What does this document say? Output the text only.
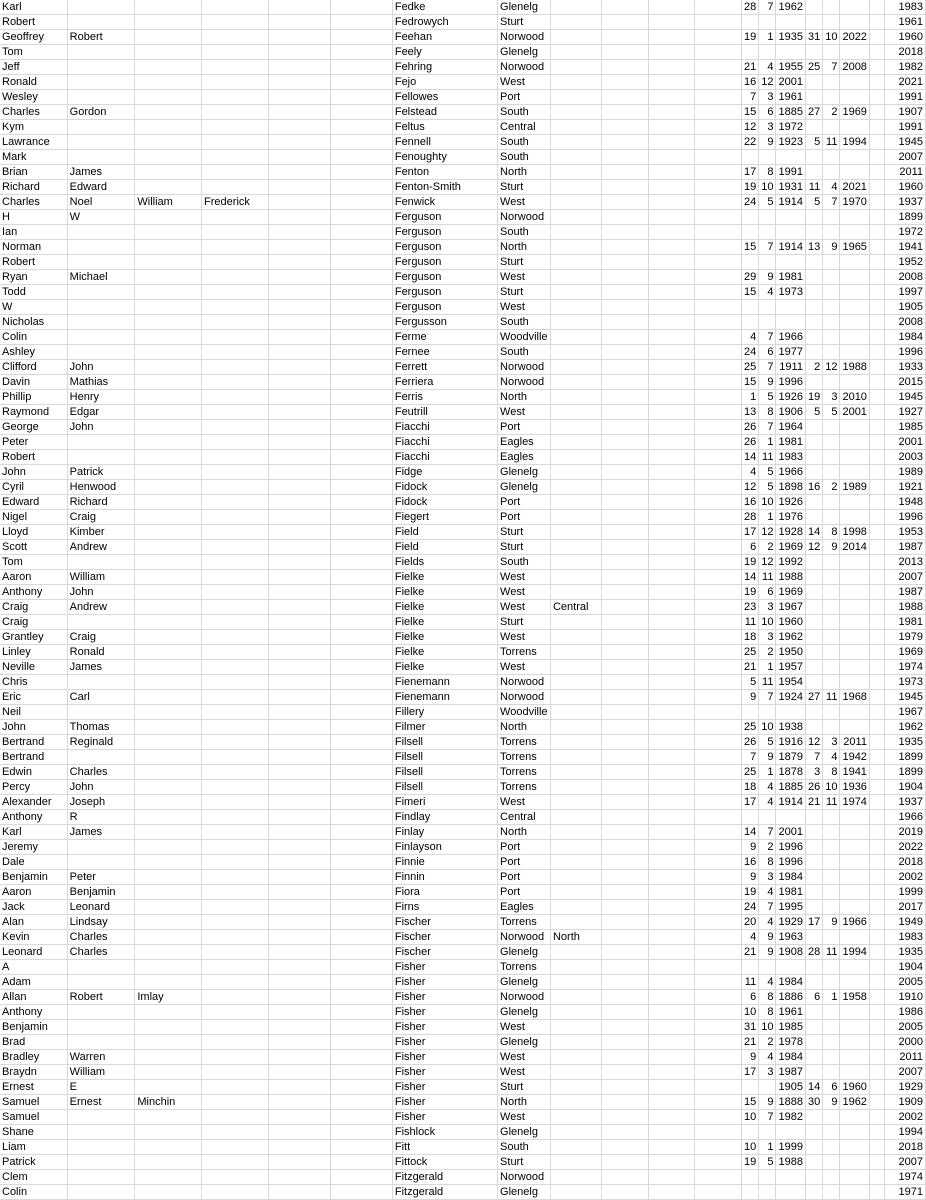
Karl						Fedke	Glenelg					28	7	1962					1983
Robert						Fedrowych	Sturt												1961
Geoffrey	Robert					Feehan	Norwood					19	1	1935	31	10	2022		1960
Tom						Feely	Glenelg												2018
Jeff						Fehring	Norwood					21	4	1955	25	7	2008		1982
Ronald						Fejo	West					16	12	2001					2021
Wesley						Fellowes	Port					7	3	1961					1991
Charles	Gordon					Felstead	South					15	6	1885	27	2	1969		1907
Kym						Feltus	Central					12	3	1972					1991
Lawrance						Fennell	South					22	9	1923	5	11	1994		1945
Mark						Fenoughty	South												2007
Brian	James					Fenton	North					17	8	1991					2011
Richard	Edward					Fenton-Smith	Sturt					19	10	1931	11	4	2021		1960
Charles	Noel	William	Frederick			Fenwick	West					24	5	1914	5	7	1970		1937
H	W					Ferguson	Norwood												1899
Ian						Ferguson	South												1972
Norman						Ferguson	North					15	7	1914	13	9	1965		1941
Robert						Ferguson	Sturt												1952
Ryan	Michael					Ferguson	West					29	9	1981					2008
Todd						Ferguson	Sturt					15	4	1973					1997
W						Ferguson	West												1905
Nicholas						Fergusson	South												2008
Colin						Ferme	Woodville					4	7	1966					1984
Ashley						Fernee	South					24	6	1977					1996
Clifford	John					Ferrett	Norwood					25	7	1911	2	12	1988		1933
Davin	Mathias					Ferriera	Norwood					15	9	1996					2015
Phillip	Henry					Ferris	North					1	5	1926	19	3	2010		1945
Raymond	Edgar					Feutrill	West					13	8	1906	5	5	2001		1927
George	John					Fiacchi	Port					26	7	1964					1985
Peter						Fiacchi	Eagles					26	1	1981					2001
Robert						Fiacchi	Eagles					14	11	1983					2003
John	Patrick					Fidge	Glenelg					4	5	1966					1989
Cyril	Henwood					Fidock	Glenelg					12	5	1898	16	2	1989		1921
Edward	Richard					Fidock	Port					16	10	1926					1948
Nigel	Craig					Fiegert	Port					28	1	1976					1996
Lloyd	Kimber					Field	Sturt					17	12	1928	14	8	1998		1953
Scott	Andrew					Field	Sturt					6	2	1969	12	9	2014		1987
Tom						Fields	South					19	12	1992					2013
Aaron	William					Fielke	West					14	11	1988					2007
Anthony	John					Fielke	West					19	6	1969					1987
Craig	Andrew					Fielke	West	Central				23	3	1967					1988
Craig						Fielke	Sturt					11	10	1960					1981
Grantley	Craig					Fielke	West					18	3	1962					1979
Linley	Ronald					Fielke	Torrens					25	2	1950					1969
Neville	James					Fielke	West					21	1	1957					1974
Chris						Fienemann	Norwood					5	11	1954					1973
Eric	Carl					Fienemann	Norwood					9	7	1924	27	11	1968		1945
Neil						Fillery	Woodville												1967
John	Thomas					Filmer	North					25	10	1938					1962
Bertrand	Reginald					Filsell	Torrens					26	5	1916	12	3	2011		1935
Bertrand						Filsell	Torrens					7	9	1879	7	4	1942		1899
Edwin	Charles					Filsell	Torrens					25	1	1878	3	8	1941		1899
Percy	John					Filsell	Torrens					18	4	1885	26	10	1936		1904
Alexander	Joseph					Fimeri	West					17	4	1914	21	11	1974		1937
Anthony	R					Findlay	Central												1966
Karl	James					Finlay	North					14	7	2001					2019
Jeremy						Finlayson	Port					9	2	1996					2022
Dale						Finnie	Port					16	8	1996					2018
Benjamin	Peter					Finnin	Port					9	3	1984					2002
Aaron	Benjamin					Fiora	Port					19	4	1981					1999
Jack	Leonard					Firns	Eagles					24	7	1995					2017
Alan	Lindsay					Fischer	Torrens					20	4	1929	17	9	1966		1949
Kevin	Charles					Fischer	Norwood	North				4	9	1963					1983
Leonard	Charles					Fischer	Glenelg					21	9	1908	28	11	1994		1935
A						Fisher	Torrens												1904
Adam						Fisher	Glenelg					11	4	1984					2005
Allan	Robert	Imlay				Fisher	Norwood					6	8	1886	6	1	1958		1910
Anthony						Fisher	Glenelg					10	8	1961					1986
Benjamin						Fisher	West					31	10	1985					2005
Brad						Fisher	Glenelg					21	2	1978					2000
Bradley	Warren					Fisher	West					9	4	1984					2011
Braydn	William					Fisher	West					17	3	1987					2007
Ernest	E					Fisher	Sturt							1905	14	6	1960		1929
Samuel	Ernest	Minchin				Fisher	North					15	9	1888	30	9	1962		1909
Samuel						Fisher	West					10	7	1982					2002
Shane						Fishlock	Glenelg												1994
Liam						Fitt	South					10	1	1999					2018
Patrick						Fittock	Sturt					19	5	1988					2007
Clem						Fitzgerald	Norwood												1974
Colin						Fitzgerald	Glenelg												1971
